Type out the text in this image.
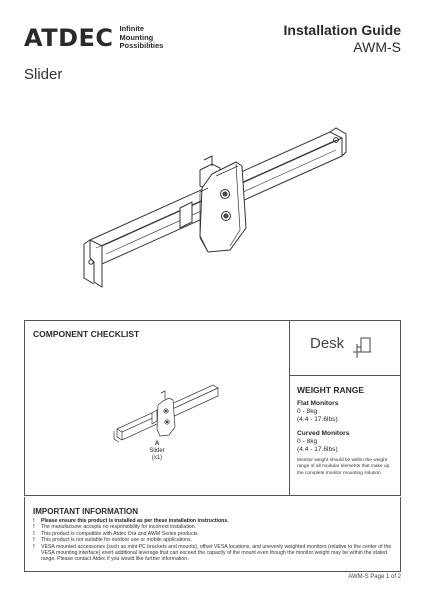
ATDEC Infinite
Mounting
Possibilities
Installation Guide
AWM-S
Slider
COMPONENT CHECKLIST
A
Slider
(x1)
Desk
WEIGHT RANGE
Flat Monitors
0 - 8kg
(4.4 - 17.6lbs)
Curved Monitors
0 - 8kg
(4.4 - 17.6lbs)
Monitor weight should be within the weight range of all modular elements that make up the complete monitor mounting solution.
IMPORTANT INFORMATION
!	Please ensure this product is installed as per these installation instructions.
!	The manufacturer accepts no responsibility for incorrect installation.
!	This product is compatible with Atdec Ora and AWM Series products.
!	This product is not suitable for outdoor use or mobile applications.
!	VESA mounted accessories (such as mini PC brackets and mounts), offset VESA locations, and unevenly weighted monitors (relative to the center of the VESA mounting interface) exert additional leverage that can exceed the capacity of the mount even though the monitor weight may be within the stated range. Please contact Atdec if you would like further information.
AWM-S Page 1 of 2
